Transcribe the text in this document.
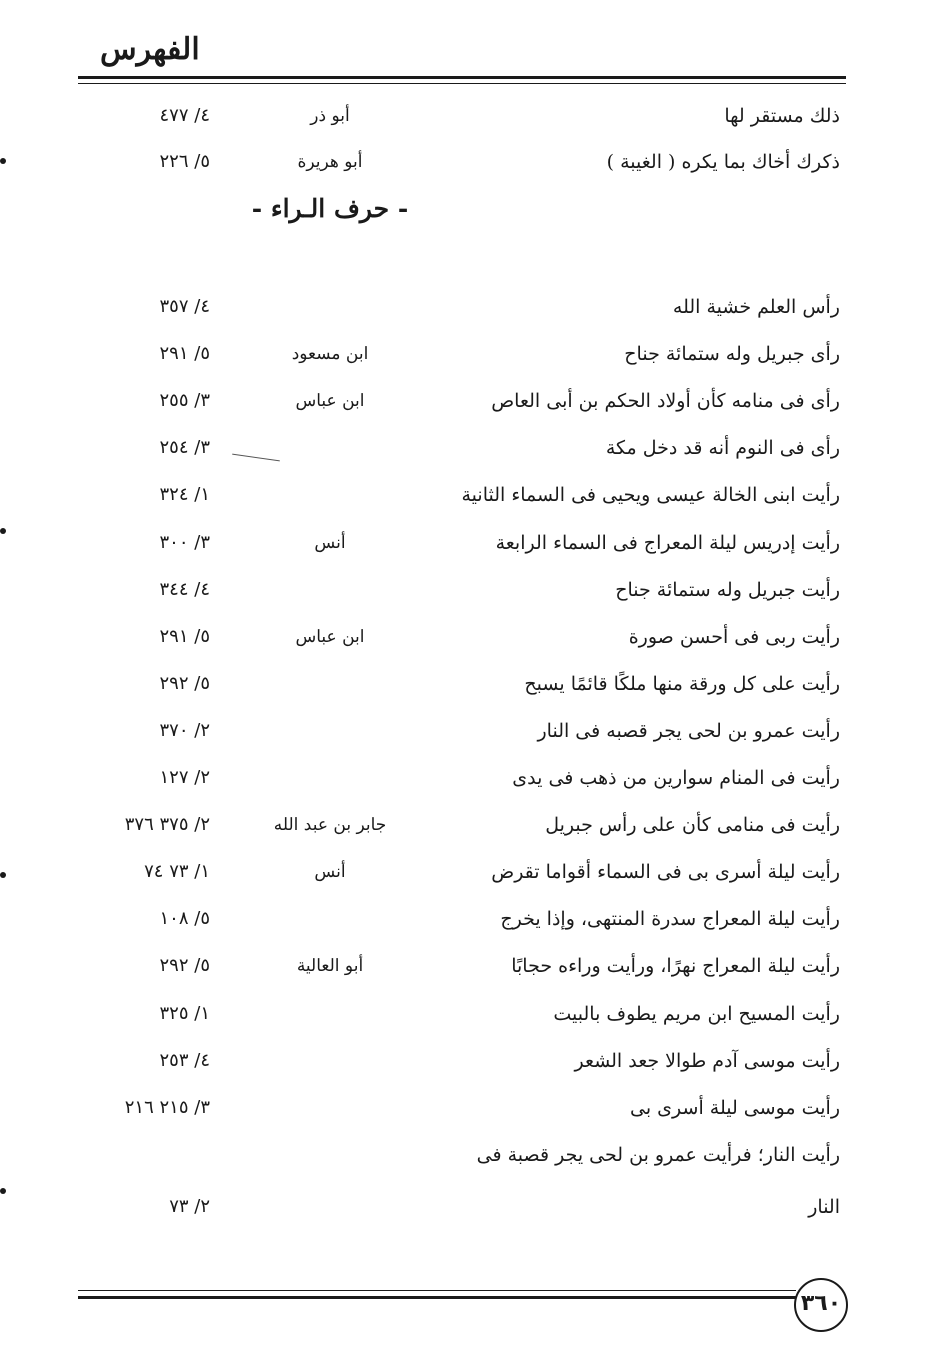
الفهرس
ذلك مستقر لها
أبو ذر
٤/ ٤٧٧
ذكرك أخاك بما يكره ( الغيبة )
أبو هريرة
٥/ ٢٢٦
- حرف الـراء -
رأس العلم خشية الله
٤/ ٣٥٧
رأى جبريل وله ستمائة جناح
ابن مسعود
٥/ ٢٩١
رأى فى منامه كأن أولاد الحكم بن أبى العاص
ابن عباس
٣/ ٢٥٥
رأى فى النوم أنه قد دخل مكة
٣/ ٢٥٤
رأيت ابنى الخالة عيسى ويحيى فى السماء الثانية
١/ ٣٢٤
رأيت إدريس ليلة المعراج فى السماء الرابعة
أنس
٣/ ٣٠٠
رأيت جبريل وله ستمائة جناح
٤/ ٣٤٤
رأيت ربى فى أحسن صورة
ابن عباس
٥/ ٢٩١
رأيت على كل ورقة منها ملكًا قائمًا يسبح
٥/ ٢٩٢
رأيت عمرو بن لحى يجر قصبه فى النار
٢/ ٣٧٠
رأيت فى المنام سوارين من ذهب فى يدى
٢/ ١٢٧
رأيت فى منامى كأن على رأس جبريل
جابر بن عبد الله
٢/ ٣٧٥ ٣٧٦
رأيت ليلة أسرى بى فى السماء أقواما تقرض
أنس
١/ ٧٣ ٧٤
رأيت ليلة المعراج سدرة المنتهى، وإذا يخرج
٥/ ١٠٨
رأيت ليلة المعراج نهرًا، ورأيت وراءه حجابًا
أبو العالية
٥/ ٢٩٢
رأيت المسيح ابن مريم يطوف بالبيت
١/ ٣٢٥
رأيت موسى آدم طوالا جعد الشعر
٤/ ٢٥٣
رأيت موسى ليلة أسرى بى
٣/ ٢١٥ ٢١٦
رأيت النار؛ فرأيت عمرو بن لحى يجر قصبة فى
النار
٢/ ٧٣
٣٦٠
